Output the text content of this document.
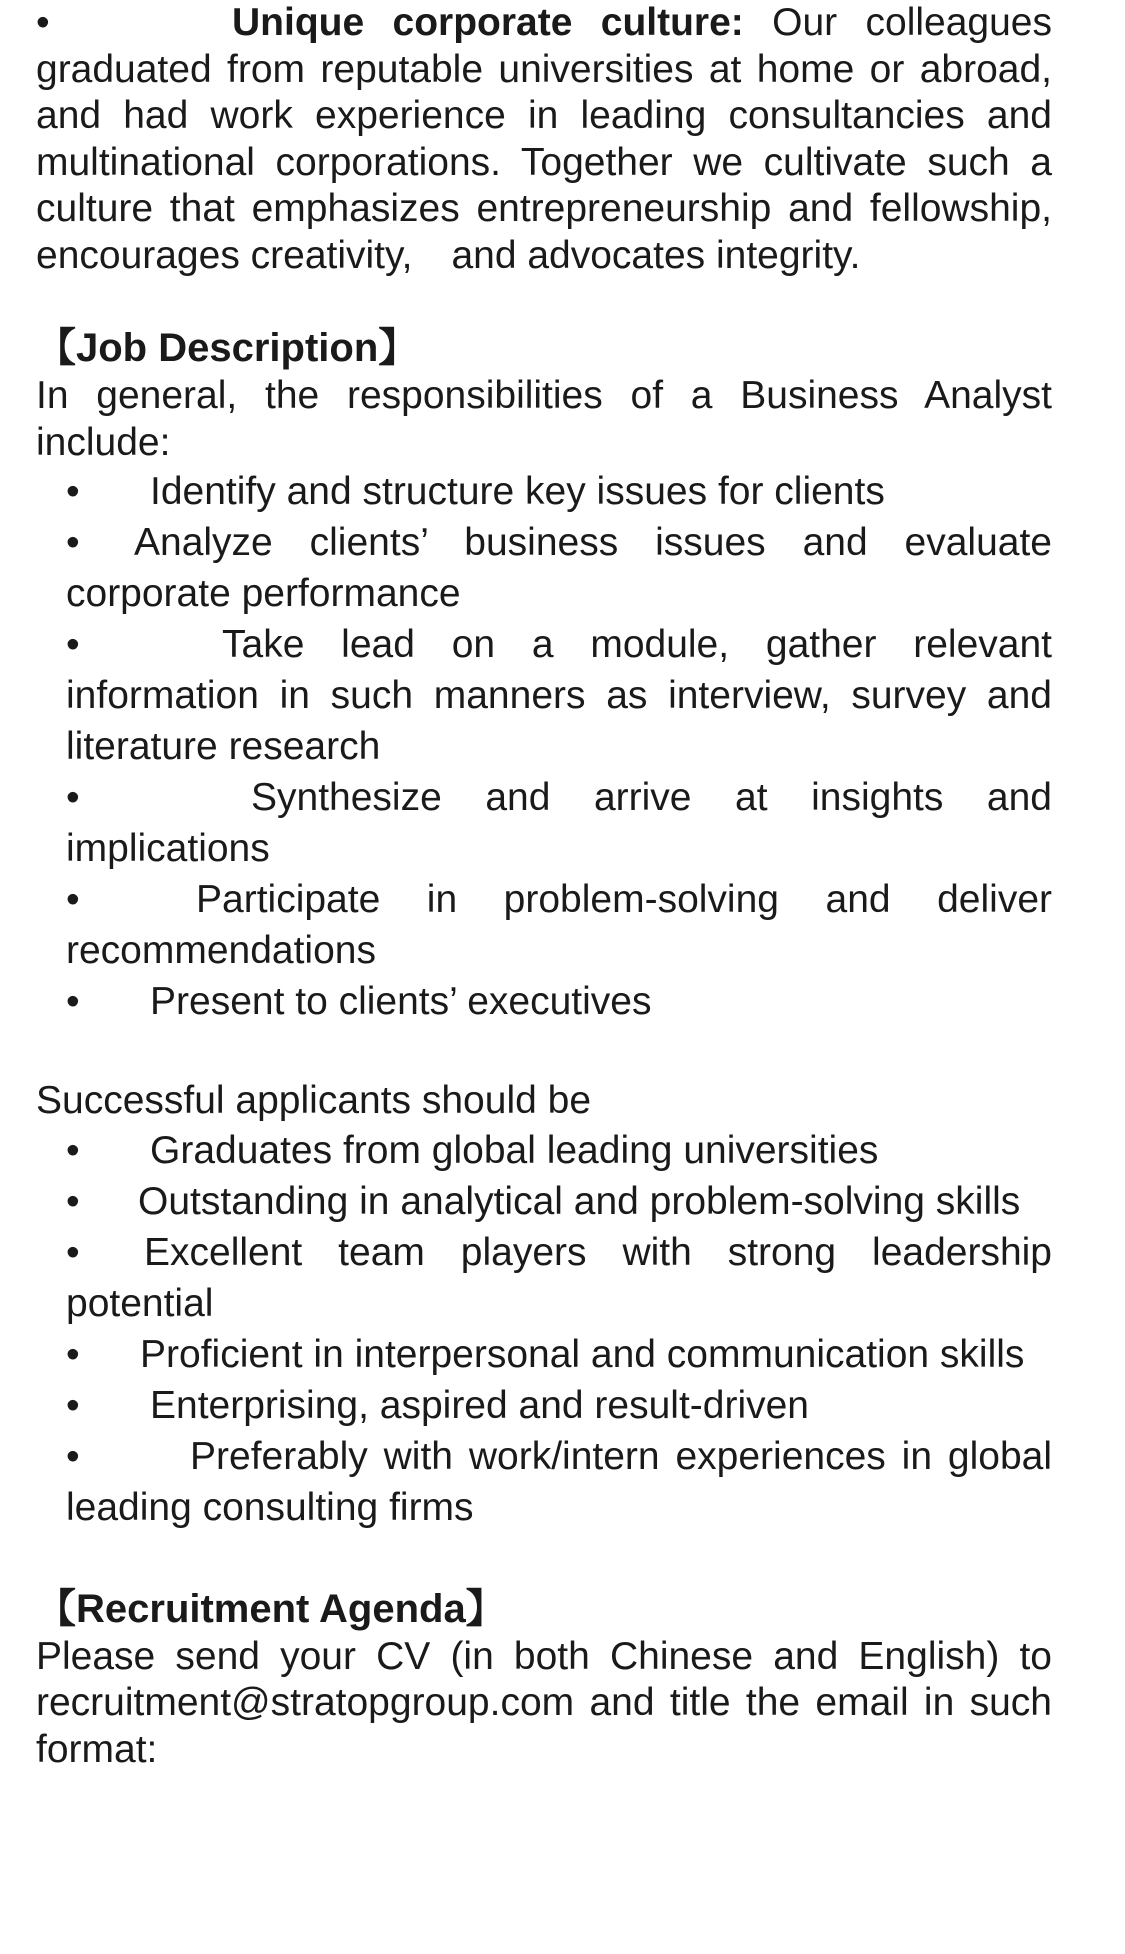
•	Unique corporate culture: Our colleagues graduated from reputable universities at home or abroad, and had work experience in leading consultancies and multinational corporations. Together we cultivate such a culture that emphasizes entrepreneurship and fellowship, encourages creativity,　and advocates integrity.

【Job Description】

In general, the responsibilities of a Business Analyst include:

• Identify and structure key issues for clients
• Analyze clients’ business issues and evaluate corporate performance
•	Take lead on a module, gather relevant information in such manners as interview, survey and literature research
•	Synthesize and arrive at insights and implications
•	Participate in problem-solving and deliver recommendations
• Present to clients’ executives

Successful applicants should be

• Graduates from global leading universities
• Outstanding in analytical and problem-solving skills
• Excellent team players with strong leadership potential
• Proficient in interpersonal and communication skills
• Enterprising, aspired and result-driven
•	Preferably with work/intern experiences in global leading consulting firms

【Recruitment Agenda】

Please send your CV (in both Chinese and English) to recruitment@stratopgroup.com and title the email in such format:
